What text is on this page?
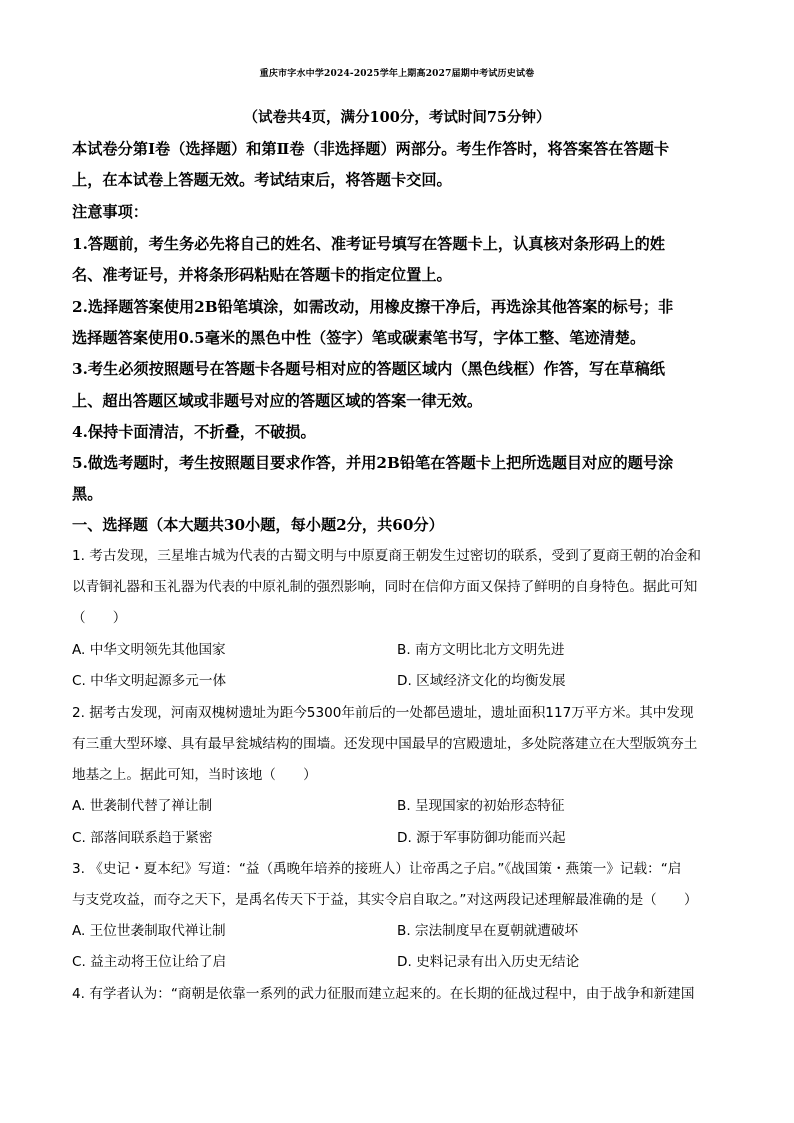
重庆市字水中学2024-2025学年上期高2027届期中考试历史试卷
（试卷共4页，满分100分，考试时间75分钟）
本试卷分第Ⅰ卷（选择题）和第Ⅱ卷（非选择题）两部分。考生作答时，将答案答在答题卡
上，在本试卷上答题无效。考试结束后，将答题卡交回。
注意事项：
1.答题前，考生务必先将自己的姓名、准考证号填写在答题卡上，认真核对条形码上的姓
名、准考证号，并将条形码粘贴在答题卡的指定位置上。
2.选择题答案使用2B铅笔填涂，如需改动，用橡皮擦干净后，再选涂其他答案的标号；非
选择题答案使用0.5毫米的黑色中性（签字）笔或碳素笔书写，字体工整、笔迹清楚。
3.考生必须按照题号在答题卡各题号相对应的答题区域内（黑色线框）作答，写在草稿纸
上、超出答题区域或非题号对应的答题区域的答案一律无效。
4.保持卡面清洁，不折叠，不破损。
5.做选考题时，考生按照题目要求作答，并用2B铅笔在答题卡上把所选题目对应的题号涂
黑。
一、选择题（本大题共30小题，每小题2分，共60分）
1. 考古发现，三星堆古城为代表的古蜀文明与中原夏商王朝发生过密切的联系，受到了夏商王朝的冶金和
以青铜礼器和玉礼器为代表的中原礼制的强烈影响，同时在信仰方面又保持了鲜明的自身特色。据此可知
（　　）
A. 中华文明领先其他国家	B. 南方文明比北方文明先进
C. 中华文明起源多元一体	D. 区域经济文化的均衡发展
2. 据考古发现，河南双槐树遗址为距今5300年前后的一处都邑遗址，遗址面积117万平方米。其中发现
有三重大型环壕、具有最早瓮城结构的围墙。还发现中国最早的宫殿遗址，多处院落建立在大型版筑夯土
地基之上。据此可知，当时该地（　　）
A. 世袭制代替了禅让制	B. 呈现国家的初始形态特征
C. 部落间联系趋于紧密	D. 源于军事防御功能而兴起
3. 《史记・夏本纪》写道：“益（禹晚年培养的接班人）让帝禹之子启。”《战国策・燕策一》记载：“启
与支党攻益，而夺之天下，是禹名传天下于益，其实令启自取之。”对这两段记述理解最准确的是（　　）
A. 王位世袭制取代禅让制	B. 宗法制度早在夏朝就遭破坏
C. 益主动将王位让给了启	D. 史料记录有出入历史无结论
4. 有学者认为：“商朝是依靠一系列的武力征服而建立起来的。在长期的征战过程中，由于战争和新建国
